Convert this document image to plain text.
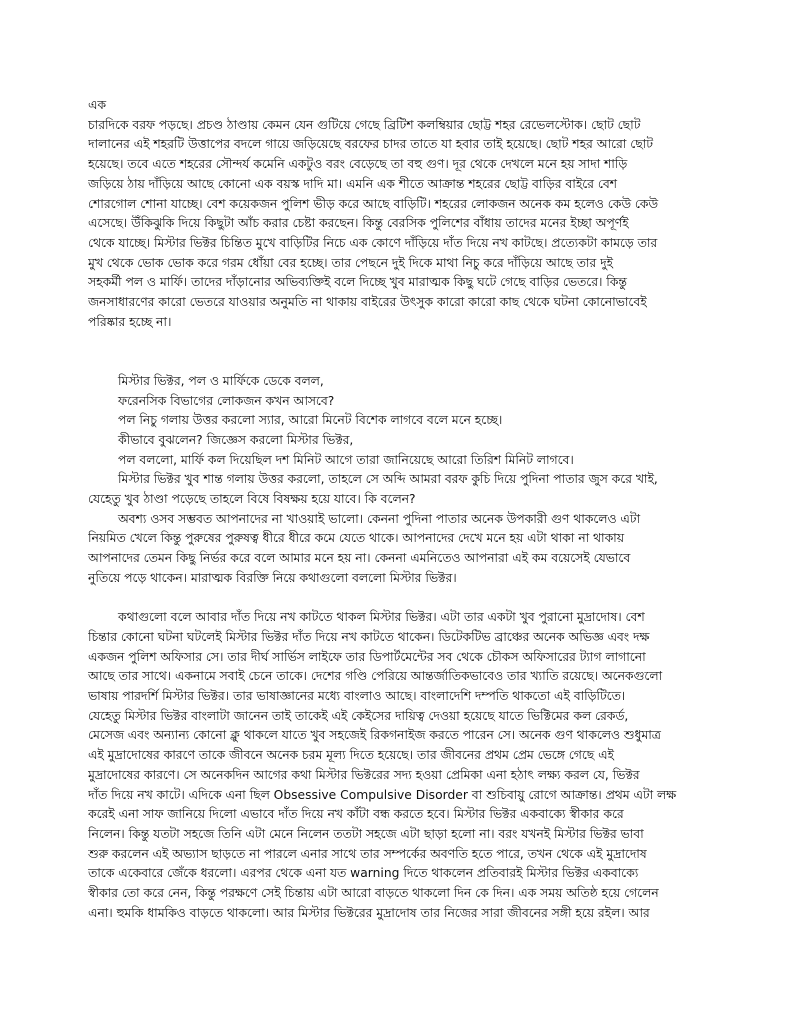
এক
চারদিকে বরফ পড়ছে। প্রচণ্ড ঠাণ্ডায় কেমন যেন গুটিয়ে গেছে ব্রিটিশ কলম্বিয়ার ছোট্ট শহর রেভেলস্টোক। ছোট ছোট
দালানের এই শহরটি উত্তাপের বদলে গায়ে জড়িয়েছে বরফের চাদর তাতে যা হবার তাই হয়েছে। ছোট শহর আরো ছোট
হয়েছে। তবে এতে শহরের সৌন্দর্য কমেনি একটুও বরং বেড়েছে তা বহু গুণ। দূর থেকে দেখলে মনে হয় সাদা শাড়ি
জড়িয়ে ঠায় দাঁড়িয়ে আছে কোনো এক বয়স্ক দাদি মা। এমনি এক শীতে আক্রান্ত শহরের ছোট্ট বাড়ির বাইরে বেশ
শোরগোল শোনা যাচ্ছে। বেশ কয়েকজন পুলিশ ভীড় করে আছে বাড়িটি। শহরের লোকজন অনেক কম হলেও কেউ কেউ
এসেছে। উঁকিঝুকি দিয়ে কিছুটা আঁচ করার চেষ্টা করছেন। কিন্তু বেরসিক পুলিশের বাঁধায় তাদের মনের ইচ্ছা অপূর্ণই
থেকে যাচ্ছে। মিস্টার ভিক্টর চিন্তিত মুখে বাড়িটির নিচে এক কোণে দাঁড়িয়ে দাঁত দিয়ে নখ কাটছে। প্রত্যেকটা কামড়ে তার
মুখ থেকে ভোক ভোক করে গরম ধোঁয়া বের হচ্ছে। তার পেছনে দুই দিকে মাথা নিচু করে দাঁড়িয়ে আছে তার দুই
সহকর্মী পল ও মার্ফি। তাদের দাঁড়ানোর অভিব্যক্তিই বলে দিচ্ছে খুব মারাত্মক কিছু ঘটে গেছে বাড়ির ভেতরে। কিন্তু
জনসাধারণের কারো ভেতরে যাওয়ার অনুমতি না থাকায় বাইরের উৎসুক কারো কারো কাছ থেকে ঘটনা কোনোভাবেই
পরিষ্কার হচ্ছে না।
মিস্টার ভিক্টর, পল ও মার্ফিকে ডেকে বলল,
ফরেনসিক বিভাগের লোকজন কখন আসবে?
পল নিচু গলায় উত্তর করলো স্যার, আরো মিনেট বিশেক লাগবে বলে মনে হচ্ছে।
কীভাবে বুঝলেন? জিজ্ঞেস করলো মিস্টার ভিক্টর,
পল বললো, মার্ফি কল দিয়েছিল দশ মিনিট আগে তারা জানিয়েছে আরো তিরিশ মিনিট লাগবে।
মিস্টার ভিক্টর খুব শান্ত গলায় উত্তর করলো, তাহলে সে অব্দি আমরা বরফ কুচি দিয়ে পুদিনা পাতার জুস করে খাই,
যেহেতু খুব ঠাণ্ডা পড়েছে তাহলে বিষে বিষক্ষয় হয়ে যাবে। কি বলেন?
অবশ্য ওসব সম্ভবত আপনাদের না খাওয়াই ভালো। কেননা পুদিনা পাতার অনেক উপকারী গুণ থাকলেও এটা
নিয়মিত খেলে কিন্তু পুরুষের পুরুষত্ব ধীরে ধীরে কমে যেতে থাকে। আপনাদের দেখে মনে হয় এটা থাকা না থাকায়
আপনাদের তেমন কিছু নির্ভর করে বলে আমার মনে হয় না। কেননা এমনিতেও আপনারা এই কম বয়েসেই যেভাবে
নুতিয়ে পড়ে থাকেন। মারাত্মক বিরক্তি নিয়ে কথাগুলো বললো মিস্টার ভিক্টর।
কথাগুলো বলে আবার দাঁত দিয়ে নখ কাটতে থাকল মিস্টার ভিক্টর। এটা তার একটা খুব পুরানো মুদ্রাদোষ। বেশ
চিন্তার কোনো ঘটনা ঘটলেই মিস্টার ভিক্টর দাঁত দিয়ে নখ কাটতে থাকেন। ডিটেকটিভ ব্রাঞ্চের অনেক অভিজ্ঞ এবং দক্ষ
একজন পুলিশ অফিসার সে। তার দীর্ঘ সার্ভিস লাইফে তার ডিপার্টমেন্টের সব থেকে চৌকস অফিসারের ট্যাগ লাগানো
আছে তার সাথে। একনামে সবাই চেনে তাকে। দেশের গণ্ডি পেরিয়ে আন্তর্জাতিকভাবেও তার খ্যাতি রয়েছে। অনেকগুলো
ভাষায় পারদর্শি মিস্টার ভিক্টর। তার ভাষাজ্ঞানের মধ্যে বাংলাও আছে। বাংলাদেশি দম্পতি থাকতো এই বাড়িটিতে।
যেহেতু মিস্টার ভিক্টর বাংলাটা জানেন তাই তাকেই এই কেইসের দায়িত্ব দেওয়া হয়েছে যাতে ভিক্টিমের কল রেকর্ড,
মেসেজ এবং অন্যান্য কোনো ক্লু থাকলে যাতে খুব সহজেই রিকগনাইজ করতে পারেন সে। অনেক গুণ থাকলেও শুধুমাত্র
এই মুদ্রাদোষের কারণে তাকে জীবনে অনেক চরম মূল্য দিতে হয়েছে। তার জীবনের প্রথম প্রেম ভেঙ্গে গেছে এই
মুদ্রাদোষের কারণে। সে অনেকদিন আগের কথা মিস্টার ভিক্টরের সদ্য হওয়া প্রেমিকা এনা হঠাৎ লক্ষ্য করল যে, ভিক্টর
দাঁত দিয়ে নখ কাটে। এদিকে এনা ছিল Obsessive Compulsive Disorder বা শুচিবায়ু রোগে আক্রান্ত। প্রথম এটা লক্ষ
করেই এনা সাফ জানিয়ে দিলো এভাবে দাঁত দিয়ে নখ কাঁটা বন্ধ করতে হবে। মিস্টার ভিক্টর একবাক্যে স্বীকার করে
নিলেন। কিন্তু যতটা সহজে তিনি এটা মেনে নিলেন ততটা সহজে এটা ছাড়া হলো না। বরং যখনই মিস্টার ভিক্টর ভাবা
শুরু করলেন এই অভ্যাস ছাড়তে না পারলে এনার সাথে তার সম্পর্কের অবণতি হতে পারে, তখন থেকে এই মুদ্রাদোষ
তাকে একেবারে জেঁকে ধরলো। এরপর থেকে এনা যত warning দিতে থাকলেন প্রতিবারই মিস্টার ভিক্টর একবাক্যে
স্বীকার তো করে নেন, কিন্তু পরক্ষণে সেই চিন্তায় এটা আরো বাড়তে থাকলো দিন কে দিন। এক সময় অতিষ্ঠ হয়ে গেলেন
এনা। হুমকি ধামকিও বাড়তে থাকলো। আর মিস্টার ভিক্টরের মুদ্রাদোষ তার নিজের সারা জীবনের সঙ্গী হয়ে রইল। আর
